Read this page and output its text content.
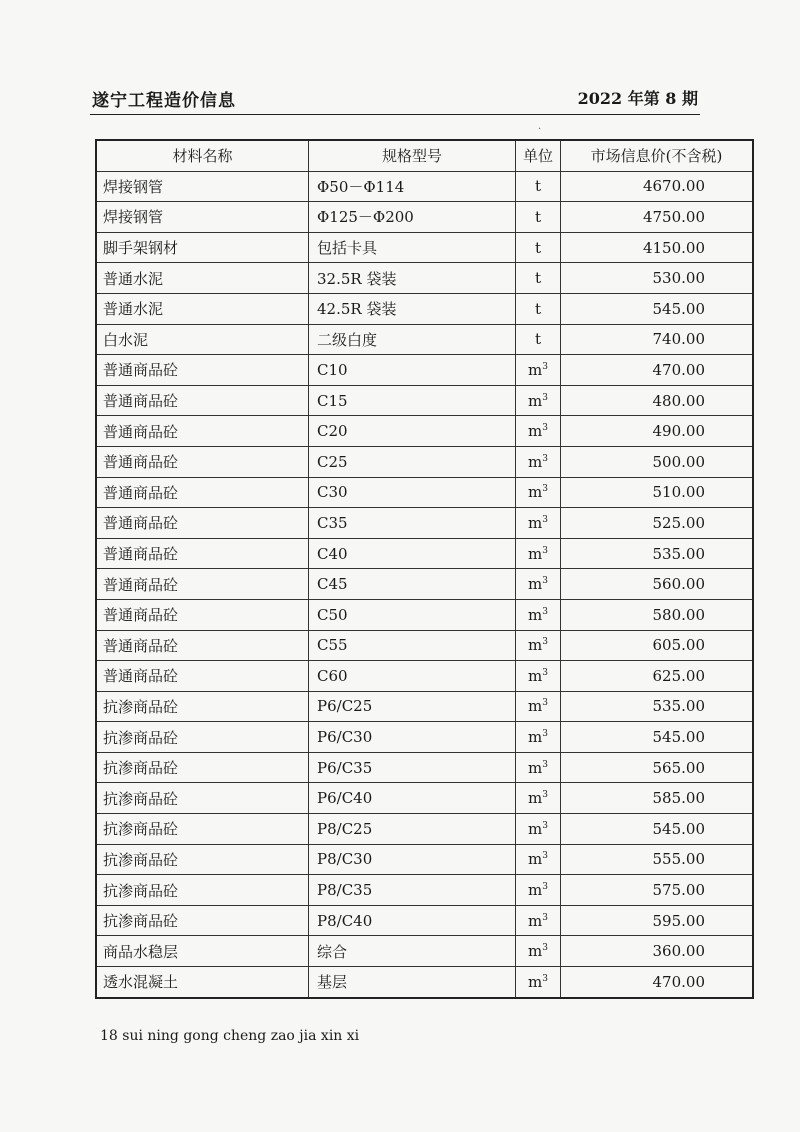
遂宁工程造价信息	2022 年第 8 期
·
材料名称	规格型号	单位	市场信息价(不含税)
焊接钢管	Φ50－Φ114	t	4670.00
焊接钢管	Φ125－Φ200	t	4750.00
脚手架钢材	包括卡具	t	4150.00
普通水泥	32.5R 袋装	t	530.00
普通水泥	42.5R 袋装	t	545.00
白水泥	二级白度	t	740.00
普通商品砼	C10	$m^3$	470.00
普通商品砼	C15	$m^3$	480.00
普通商品砼	C20	$m^3$	490.00
普通商品砼	C25	$m^3$	500.00
普通商品砼	C30	$m^3$	510.00
普通商品砼	C35	$m^3$	525.00
普通商品砼	C40	$m^3$	535.00
普通商品砼	C45	$m^3$	560.00
普通商品砼	C50	$m^3$	580.00
普通商品砼	C55	$m^3$	605.00
普通商品砼	C60	$m^3$	625.00
抗渗商品砼	P6/C25	$m^3$	535.00
抗渗商品砼	P6/C30	$m^3$	545.00
抗渗商品砼	P6/C35	$m^3$	565.00
抗渗商品砼	P6/C40	$m^3$	585.00
抗渗商品砼	P8/C25	$m^3$	545.00
抗渗商品砼	P8/C30	$m^3$	555.00
抗渗商品砼	P8/C35	$m^3$	575.00
抗渗商品砼	P8/C40	$m^3$	595.00
商品水稳层	综合	$m^3$	360.00
透水混凝土	基层	$m^3$	470.00
18 sui ning gong cheng zao jia xin xi
